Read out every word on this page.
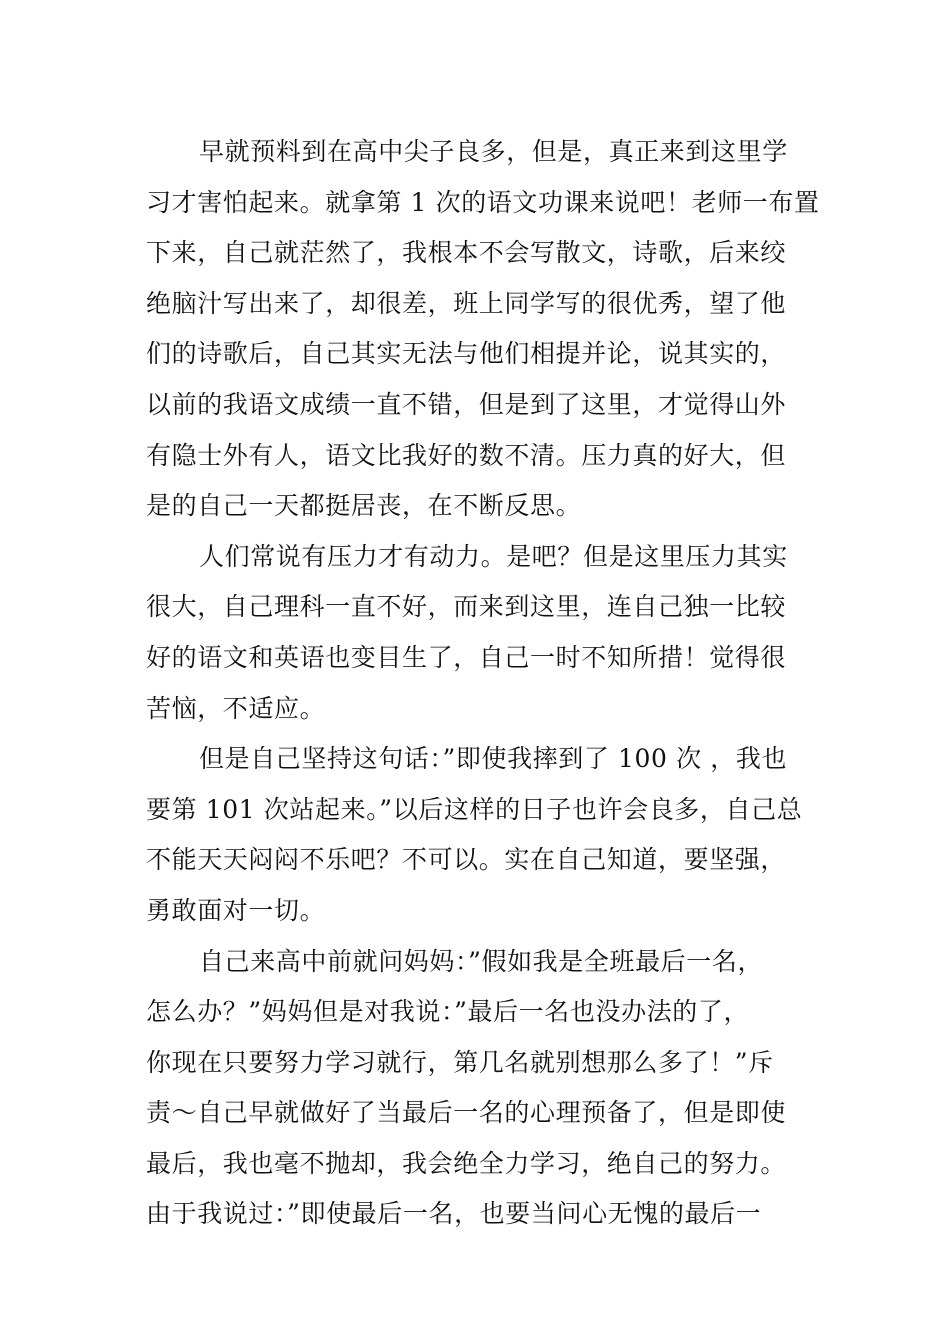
早就预料到在高中尖子良多，但是，真正来到这里学
习才害怕起来。就拿第 1 次的语文功课来说吧！老师一布置
下来，自己就茫然了，我根本不会写散文，诗歌，后来绞
绝脑汁写出来了，却很差，班上同学写的很优秀，望了他
们的诗歌后，自己其实无法与他们相提并论，说其实的，
以前的我语文成绩一直不错，但是到了这里，才觉得山外
有隐士外有人，语文比我好的数不清。压力真的好大，但
是的自己一天都挺居丧，在不断反思。
人们常说有压力才有动力。是吧？但是这里压力其实
很大，自己理科一直不好，而来到这里，连自己独一比较
好的语文和英语也变目生了，自己一时不知所措！觉得很
苦恼，不适应。
但是自己坚持这句话：”即使我摔到了 100 次 ，我也
要第 101 次站起来。”以后这样的日子也许会良多，自己总
不能天天闷闷不乐吧？不可以。实在自己知道，要坚强，
勇敢面对一切。
自己来高中前就问妈妈：”假如我是全班最后一名，
怎么办？”妈妈但是对我说：”最后一名也没办法的了，
你现在只要努力学习就行，第几名就别想那么多了！”斥
责～自己早就做好了当最后一名的心理预备了，但是即使
最后，我也毫不抛却，我会绝全力学习，绝自己的努力。
由于我说过：”即使最后一名，也要当问心无愧的最后一
